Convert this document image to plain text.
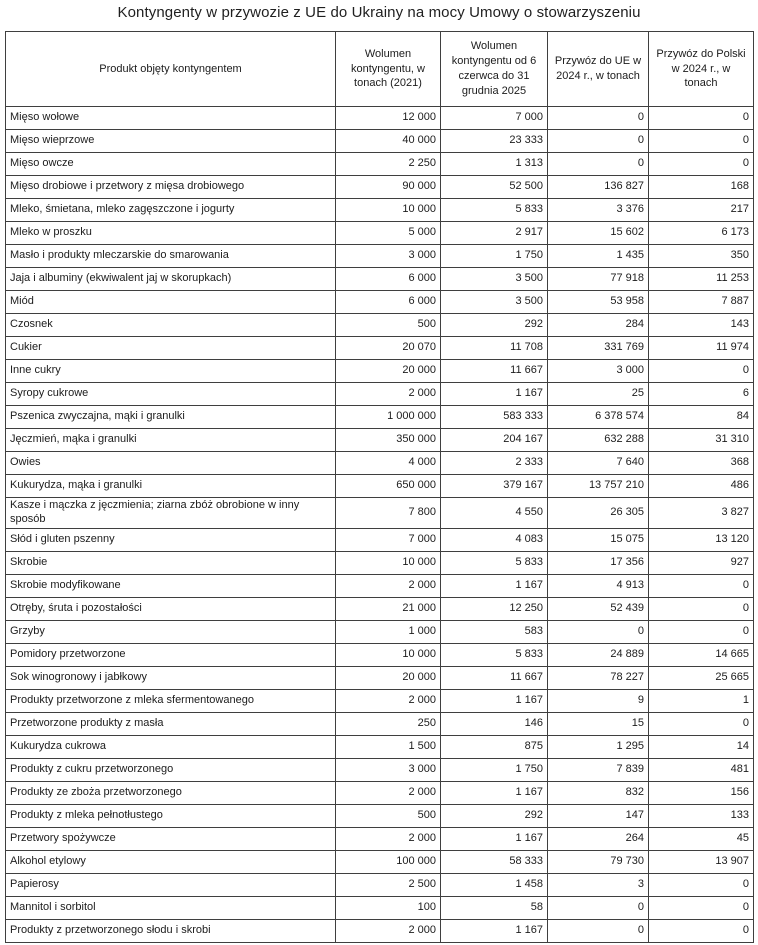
Kontyngenty w przywozie z UE do Ukrainy na mocy Umowy o stowarzyszeniu
Produkt objęty kontyngentem	Wolumen kontyngentu, w tonach (2021)	Wolumen kontyngentu od 6 czerwca do 31 grudnia 2025	Przywóz do UE w 2024 r., w tonach	Przywóz do Polski w 2024 r., w tonach
Mięso wołowe	12 000	7 000	0	0
Mięso wieprzowe	40 000	23 333	0	0
Mięso owcze	2 250	1 313	0	0
Mięso drobiowe i przetwory z mięsa drobiowego	90 000	52 500	136 827	168
Mleko, śmietana, mleko zagęszczone i jogurty	10 000	5 833	3 376	217
Mleko w proszku	5 000	2 917	15 602	6 173
Masło i produkty mleczarskie do smarowania	3 000	1 750	1 435	350
Jaja i albuminy (ekwiwalent jaj w skorupkach)	6 000	3 500	77 918	11 253
Miód	6 000	3 500	53 958	7 887
Czosnek	500	292	284	143
Cukier	20 070	11 708	331 769	11 974
Inne cukry	20 000	11 667	3 000	0
Syropy cukrowe	2 000	1 167	25	6
Pszenica zwyczajna, mąki i granulki	1 000 000	583 333	6 378 574	84
Jęczmień, mąka i granulki	350 000	204 167	632 288	31 310
Owies	4 000	2 333	7 640	368
Kukurydza, mąka i granulki	650 000	379 167	13 757 210	486
Kasze i mączka z jęczmienia; ziarna zbóż obrobione w inny sposób	7 800	4 550	26 305	3 827
Słód i gluten pszenny	7 000	4 083	15 075	13 120
Skrobie	10 000	5 833	17 356	927
Skrobie modyfikowane	2 000	1 167	4 913	0
Otręby, śruta i pozostałości	21 000	12 250	52 439	0
Grzyby	1 000	583	0	0
Pomidory przetworzone	10 000	5 833	24 889	14 665
Sok winogronowy i jabłkowy	20 000	11 667	78 227	25 665
Produkty przetworzone z mleka sfermentowanego	2 000	1 167	9	1
Przetworzone produkty z masła	250	146	15	0
Kukurydza cukrowa	1 500	875	1 295	14
Produkty z cukru przetworzonego	3 000	1 750	7 839	481
Produkty ze zboża przetworzonego	2 000	1 167	832	156
Produkty z mleka pełnotłustego	500	292	147	133
Przetwory spożywcze	2 000	1 167	264	45
Alkohol etylowy	100 000	58 333	79 730	13 907
Papierosy	2 500	1 458	3	0
Mannitol i sorbitol	100	58	0	0
Produkty z przetworzonego słodu i skrobi	2 000	1 167	0	0
